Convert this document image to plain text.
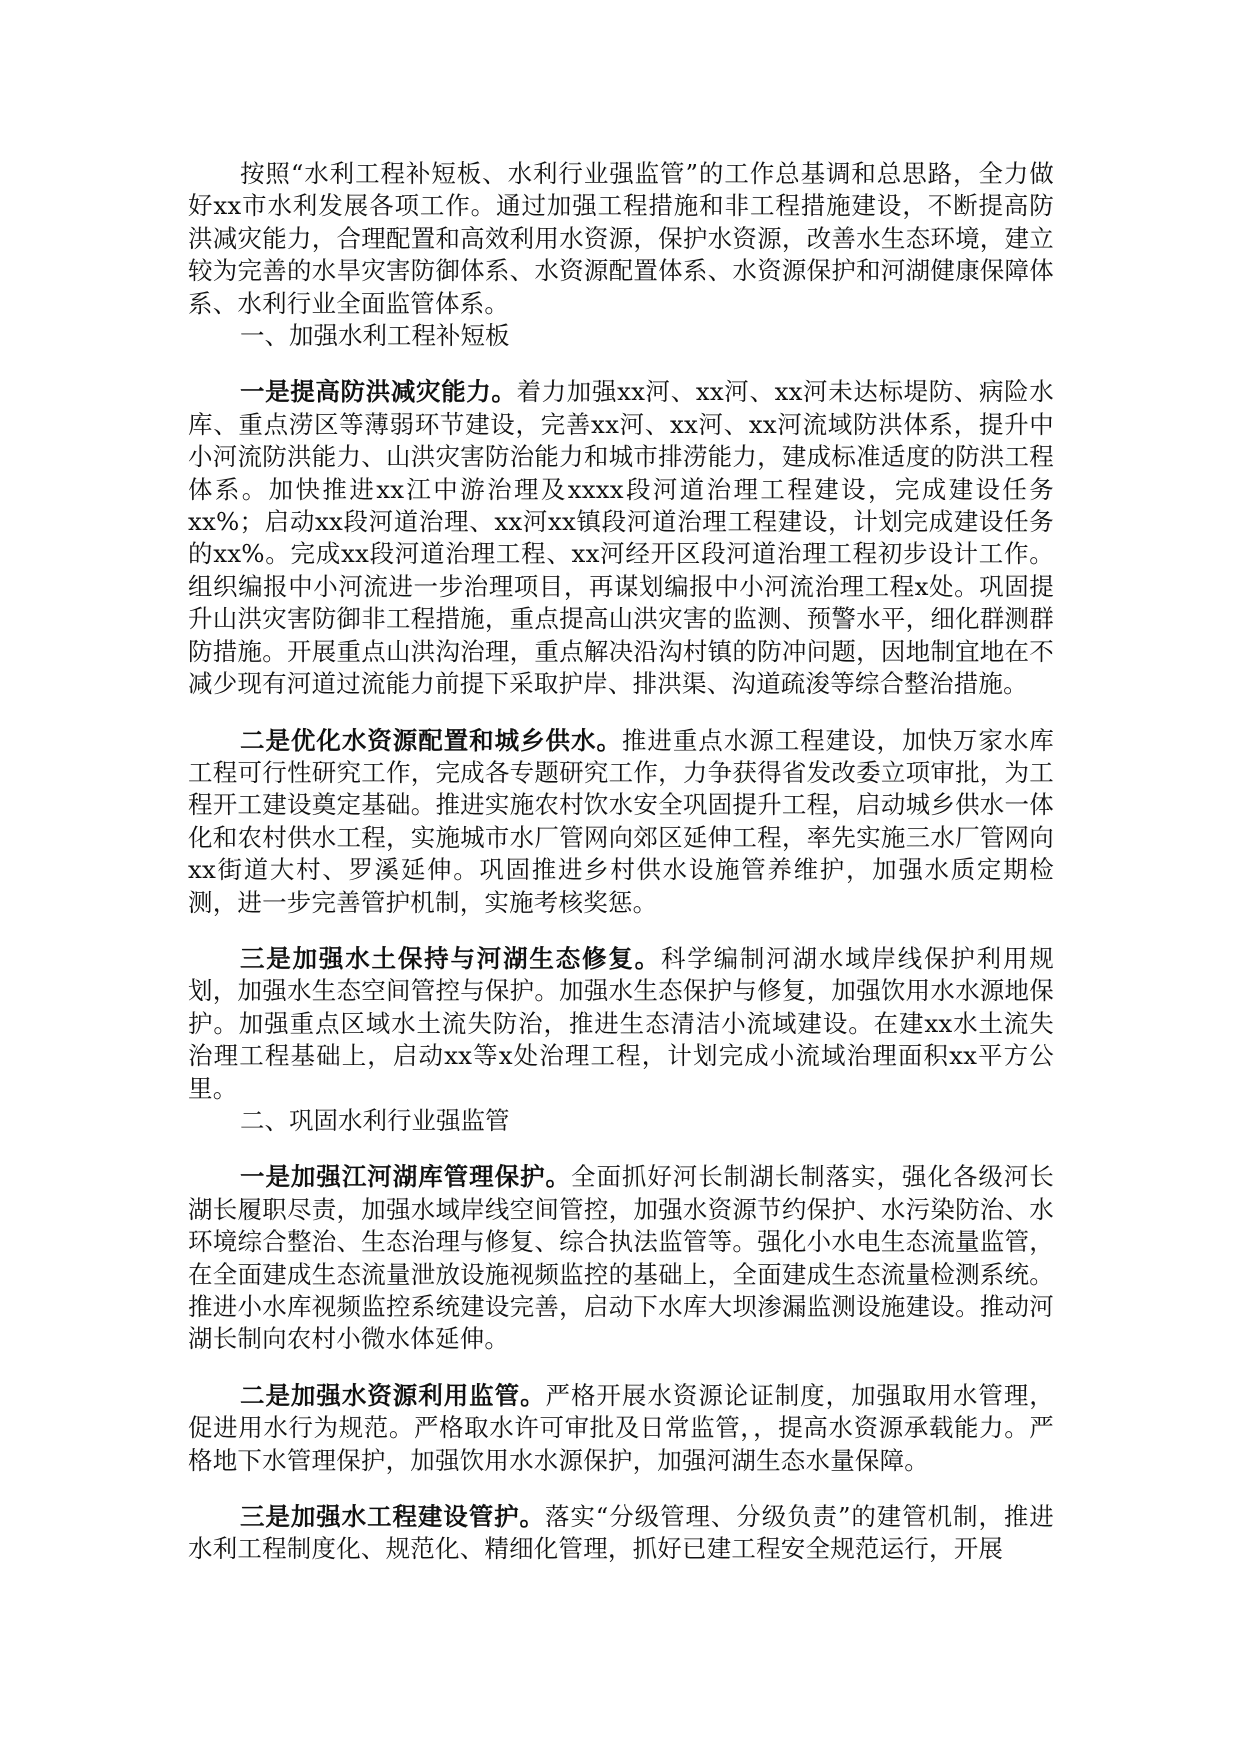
按照“水利工程补短板、水利行业强监管”的工作总基调和总思路，全力做好xx市水利发展各项工作。通过加强工程措施和非工程措施建设，不断提高防洪减灾能力，合理配置和高效利用水资源，保护水资源，改善水生态环境，建立较为完善的水旱灾害防御体系、水资源配置体系、水资源保护和河湖健康保障体系、水利行业全面监管体系。

一、加强水利工程补短板

一是提高防洪减灾能力。着力加强xx河、xx河、xx河未达标堤防、病险水库、重点涝区等薄弱环节建设，完善xx河、xx河、xx河流域防洪体系，提升中小河流防洪能力、山洪灾害防治能力和城市排涝能力，建成标准适度的防洪工程体系。加快推进xx江中游治理及xxxx段河道治理工程建设，完成建设任务xx%；启动xx段河道治理、xx河xx镇段河道治理工程建设，计划完成建设任务的xx%。完成xx段河道治理工程、xx河经开区段河道治理工程初步设计工作。组织编报中小河流进一步治理项目，再谋划编报中小河流治理工程x处。巩固提升山洪灾害防御非工程措施，重点提高山洪灾害的监测、预警水平，细化群测群防措施。开展重点山洪沟治理，重点解决沿沟村镇的防冲问题，因地制宜地在不减少现有河道过流能力前提下采取护岸、排洪渠、沟道疏浚等综合整治措施。

二是优化水资源配置和城乡供水。推进重点水源工程建设，加快万家水库工程可行性研究工作，完成各专题研究工作，力争获得省发改委立项审批，为工程开工建设奠定基础。推进实施农村饮水安全巩固提升工程，启动城乡供水一体化和农村供水工程，实施城市水厂管网向郊区延伸工程，率先实施三水厂管网向xx街道大村、罗溪延伸。巩固推进乡村供水设施管养维护，加强水质定期检测，进一步完善管护机制，实施考核奖惩。

三是加强水土保持与河湖生态修复。科学编制河湖水域岸线保护利用规划，加强水生态空间管控与保护。加强水生态保护与修复，加强饮用水水源地保护。加强重点区域水土流失防治，推进生态清洁小流域建设。在建xx水土流失治理工程基础上，启动xx等x处治理工程，计划完成小流域治理面积xx平方公里。

二、巩固水利行业强监管

一是加强江河湖库管理保护。全面抓好河长制湖长制落实，强化各级河长湖长履职尽责，加强水域岸线空间管控，加强水资源节约保护、水污染防治、水环境综合整治、生态治理与修复、综合执法监管等。强化小水电生态流量监管，在全面建成生态流量泄放设施视频监控的基础上，全面建成生态流量检测系统。推进小水库视频监控系统建设完善，启动下水库大坝渗漏监测设施建设。推动河湖长制向农村小微水体延伸。

二是加强水资源利用监管。严格开展水资源论证制度，加强取用水管理，促进用水行为规范。严格取水许可审批及日常监管，，提高水资源承载能力。严格地下水管理保护，加强饮用水水源保护，加强河湖生态水量保障。

三是加强水工程建设管护。落实“分级管理、分级负责”的建管机制，推进水利工程制度化、规范化、精细化管理，抓好已建工程安全规范运行，开展
